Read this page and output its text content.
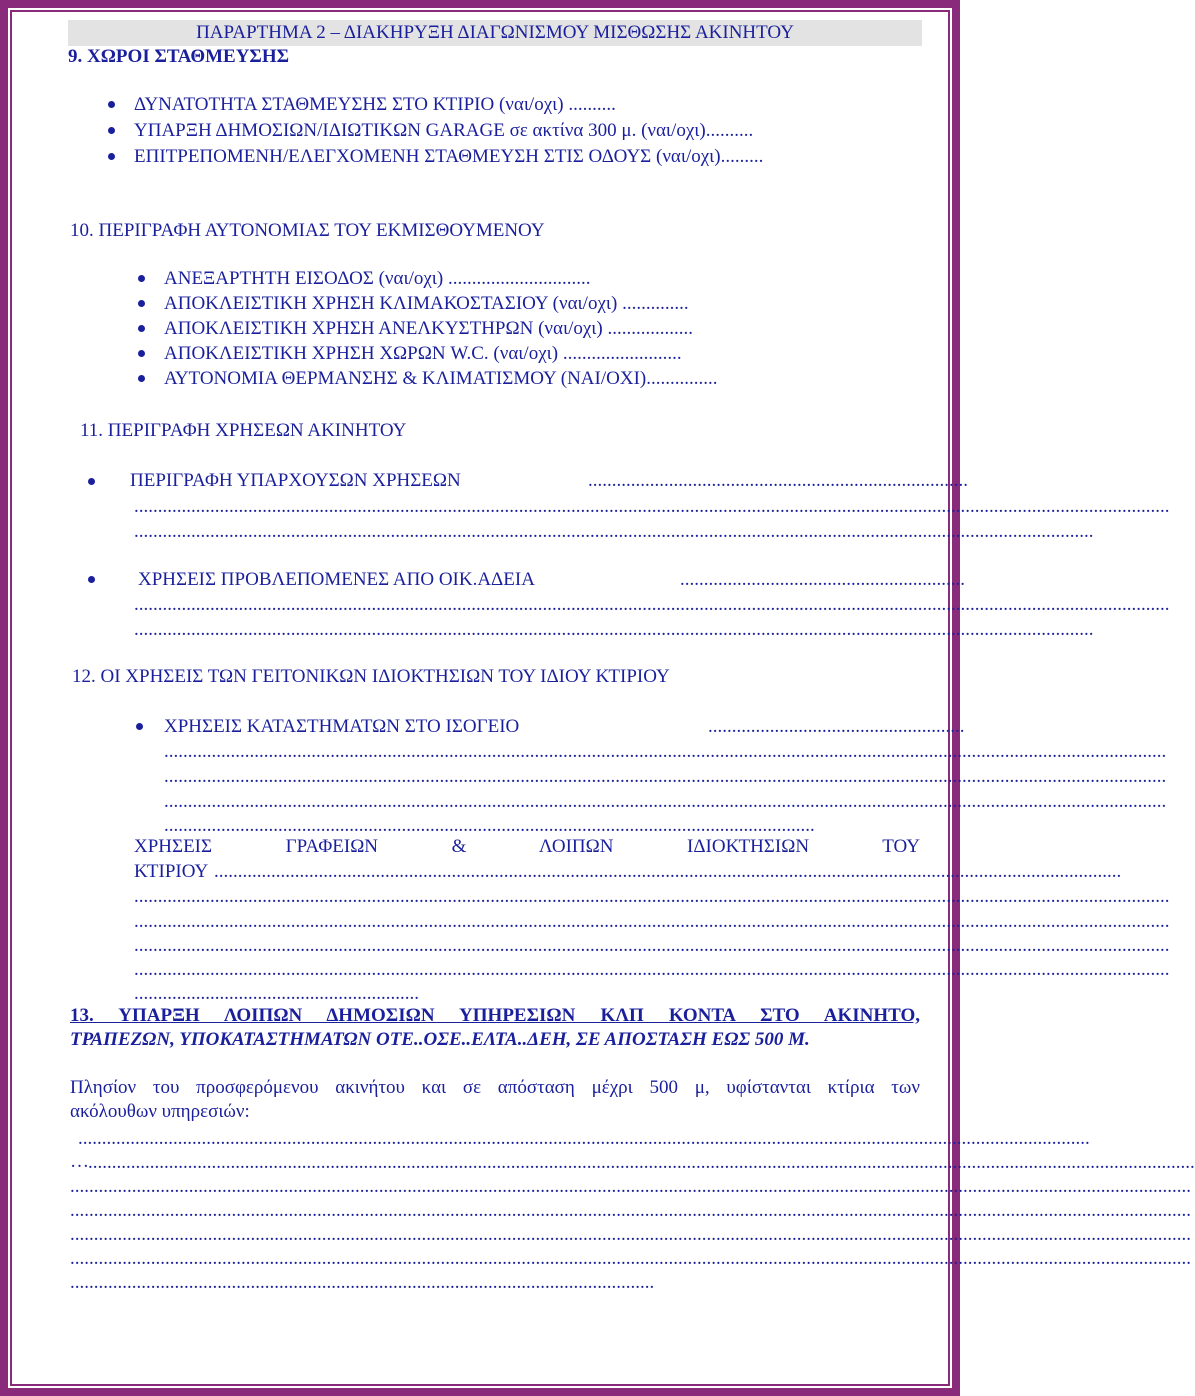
ΠΑΡΑΡΤΗΜΑ 2 – ΔΙΑΚΗΡΥΞΗ ΔΙΑΓΩΝΙΣΜΟΥ ΜΙΣΘΩΣΗΣ ΑΚΙΝΗΤΟΥ
9. ΧΩΡΟΙ ΣΤΑΘΜΕΥΣΗΣ
ΔΥΝΑΤΟΤΗΤΑ ΣΤΑΘΜΕΥΣΗΣ ΣΤΟ ΚΤΙΡΙΟ (ναι/οχι) ..........
ΥΠΑΡΞΗ ΔΗΜΟΣΙΩΝ/ΙΔΙΩΤΙΚΩΝ GARAGE σε ακτίνα 300 μ. (ναι/οχι)..........
ΕΠΙΤΡΕΠΟΜΕΝΗ/ΕΛΕΓΧΟΜΕΝΗ ΣΤΑΘΜΕΥΣΗ ΣΤΙΣ ΟΔΟΥΣ (ναι/οχι).........
10. ΠΕΡΙΓΡΑΦΗ ΑΥΤΟΝΟΜΙΑΣ ΤΟΥ ΕΚΜΙΣΘΟΥΜΕΝΟΥ
ΑΝΕΞΑΡΤΗΤΗ ΕΙΣΟΔΟΣ (ναι/οχι) ..............................
ΑΠΟΚΛΕΙΣΤΙΚΗ ΧΡΗΣΗ ΚΛΙΜΑΚΟΣΤΑΣΙΟΥ (ναι/οχι) ..............
ΑΠΟΚΛΕΙΣΤΙΚΗ ΧΡΗΣΗ ΑΝΕΛΚΥΣΤΗΡΩΝ (ναι/οχι) ..................
ΑΠΟΚΛΕΙΣΤΙΚΗ ΧΡΗΣΗ ΧΩΡΩΝ W.C. (ναι/οχι) .........................
ΑΥΤΟΝΟΜΙΑ ΘΕΡΜΑΝΣΗΣ & ΚΛΙΜΑΤΙΣΜΟΥ (ΝΑΙ/ΟΧΙ)...............
11. ΠΕΡΙΓΡΑΦΗ ΧΡΗΣΕΩΝ ΑΚΙΝΗΤΟΥ
ΠΕΡΙΓΡΑΦΗ ΥΠΑΡΧΟΥΣΩΝ ΧΡΗΣΕΩΝ	................................................................................
..........................................................................................................................................................................................................................
..........................................................................................................................................................................................................
ΧΡΗΣΕΙΣ ΠΡΟΒΛΕΠΟΜΕΝΕΣ ΑΠΟ ΟΙΚ.ΑΔΕΙΑ	............................................................
..........................................................................................................................................................................................................................
..........................................................................................................................................................................................................
12. ΟΙ ΧΡΗΣΕΙΣ ΤΩΝ ΓΕΙΤΟΝΙΚΩΝ ΙΔΙΟΚΤΗΣΙΩΝ ΤΟΥ ΙΔΙΟΥ ΚΤΙΡΙΟΥ
ΧΡΗΣΕΙΣ ΚΑΤΑΣΤΗΜΑΤΩΝ ΣΤΟ ΙΣΟΓΕΙΟ	......................................................
...................................................................................................................................................................................................................
...................................................................................................................................................................................................................
...................................................................................................................................................................................................................
.........................................................................................................................................
ΧΡΗΣΕΙΣ ΓΡΑΦΕΙΩΝ & ΛΟΙΠΩΝ ΙΔΙΟΚΤΗΣΙΩΝ ΤΟΥ
ΚΤΙΡΙΟΥ ...............................................................................................................................................................................................
..........................................................................................................................................................................................................................
..........................................................................................................................................................................................................................
..........................................................................................................................................................................................................................
..........................................................................................................................................................................................................................
............................................................
13. ΥΠΑΡΞΗ ΛΟΙΠΩΝ ΔΗΜΟΣΙΩΝ ΥΠΗΡΕΣΙΩΝ ΚΛΠ ΚΟΝΤΑ ΣΤΟ ΑΚΙΝΗΤΟ,
ΤΡΑΠΕΖΩΝ, ΥΠΟΚΑΤΑΣΤΗΜΑΤΩΝ ΟΤΕ..ΟΣΕ..ΕΛΤΑ..ΔΕΗ, ΣΕ ΑΠΟΣΤΑΣΗ ΕΩΣ 500 Μ.
Πλησίον του προσφερόμενου ακινήτου και σε απόσταση μέχρι 500 μ, υφίστανται κτίρια των
ακόλουθων υπηρεσιών:
.....................................................................................................................................................................................................................
… .........................................................................................................................................................................................................................................
............................................................................................................................................................................................................................................
............................................................................................................................................................................................................................................
............................................................................................................................................................................................................................................
............................................................................................................................................................................................................................................
...........................................................................................................................
